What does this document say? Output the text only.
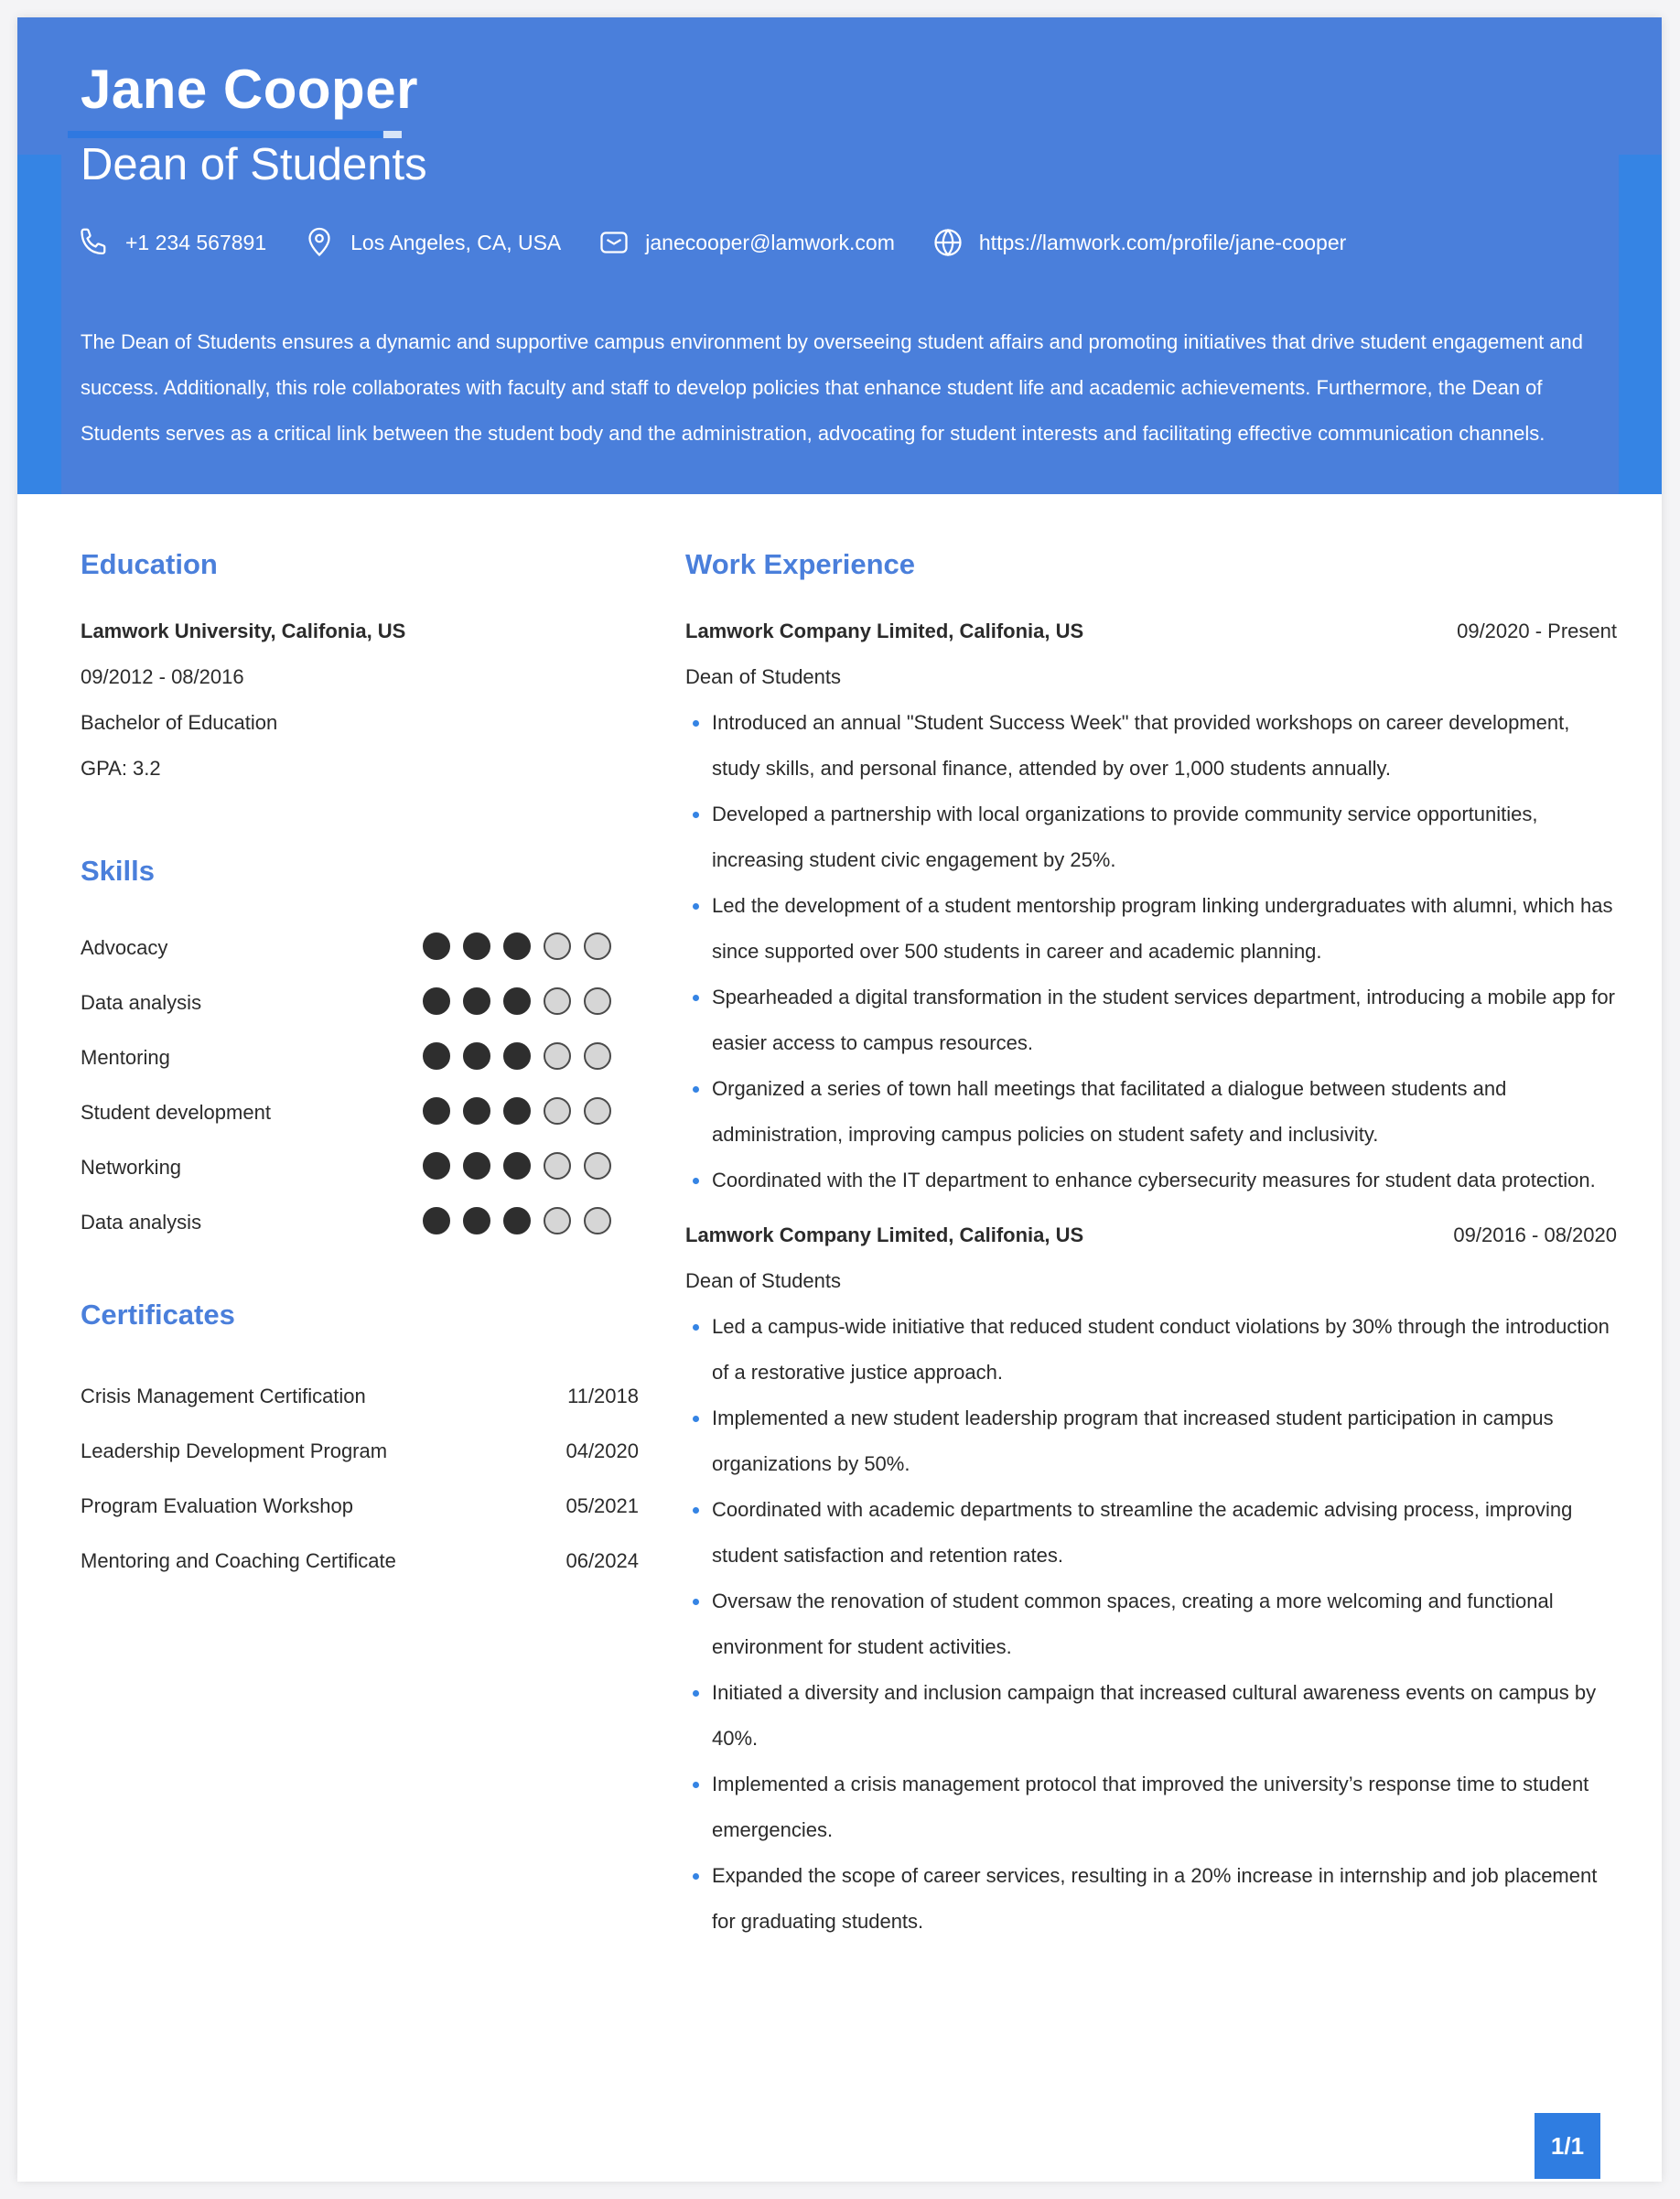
Jane Cooper
Dean of Students
+1 234 567891	Los Angeles, CA, USA	janecooper@lamwork.com	https://lamwork.com/profile/jane-cooper

The Dean of Students ensures a dynamic and supportive campus environment by overseeing student affairs and promoting initiatives that drive student engagement and success. Additionally, this role collaborates with faculty and staff to develop policies that enhance student life and academic achievements. Furthermore, the Dean of Students serves as a critical link between the student body and the administration, advocating for student interests and facilitating effective communication channels.

Education
Lamwork University, Califonia, US
09/2012 - 08/2016
Bachelor of Education
GPA: 3.2
Skills
Advocacy
Data analysis
Mentoring
Student development
Networking
Data analysis
Certificates
Crisis Management Certification	11/2018
Leadership Development Program	04/2020
Program Evaluation Workshop	05/2021
Mentoring and Coaching Certificate	06/2024
Work Experience
Lamwork Company Limited, Califonia, US	09/2020 - Present
Dean of Students
Introduced an annual "Student Success Week" that provided workshops on career development, study skills, and personal finance, attended by over 1,000 students annually.
Developed a partnership with local organizations to provide community service opportunities, increasing student civic engagement by 25%.
Led the development of a student mentorship program linking undergraduates with alumni, which has since supported over 500 students in career and academic planning.
Spearheaded a digital transformation in the student services department, introducing a mobile app for easier access to campus resources.
Organized a series of town hall meetings that facilitated a dialogue between students and administration, improving campus policies on student safety and inclusivity.
Coordinated with the IT department to enhance cybersecurity measures for student data protection.
Lamwork Company Limited, Califonia, US	09/2016 - 08/2020
Dean of Students
Led a campus-wide initiative that reduced student conduct violations by 30% through the introduction of a restorative justice approach.
Implemented a new student leadership program that increased student participation in campus organizations by 50%.
Coordinated with academic departments to streamline the academic advising process, improving student satisfaction and retention rates.
Oversaw the renovation of student common spaces, creating a more welcoming and functional environment for student activities.
Initiated a diversity and inclusion campaign that increased cultural awareness events on campus by 40%.
Implemented a crisis management protocol that improved the university’s response time to student emergencies.
Expanded the scope of career services, resulting in a 20% increase in internship and job placement for graduating students.
1/1
